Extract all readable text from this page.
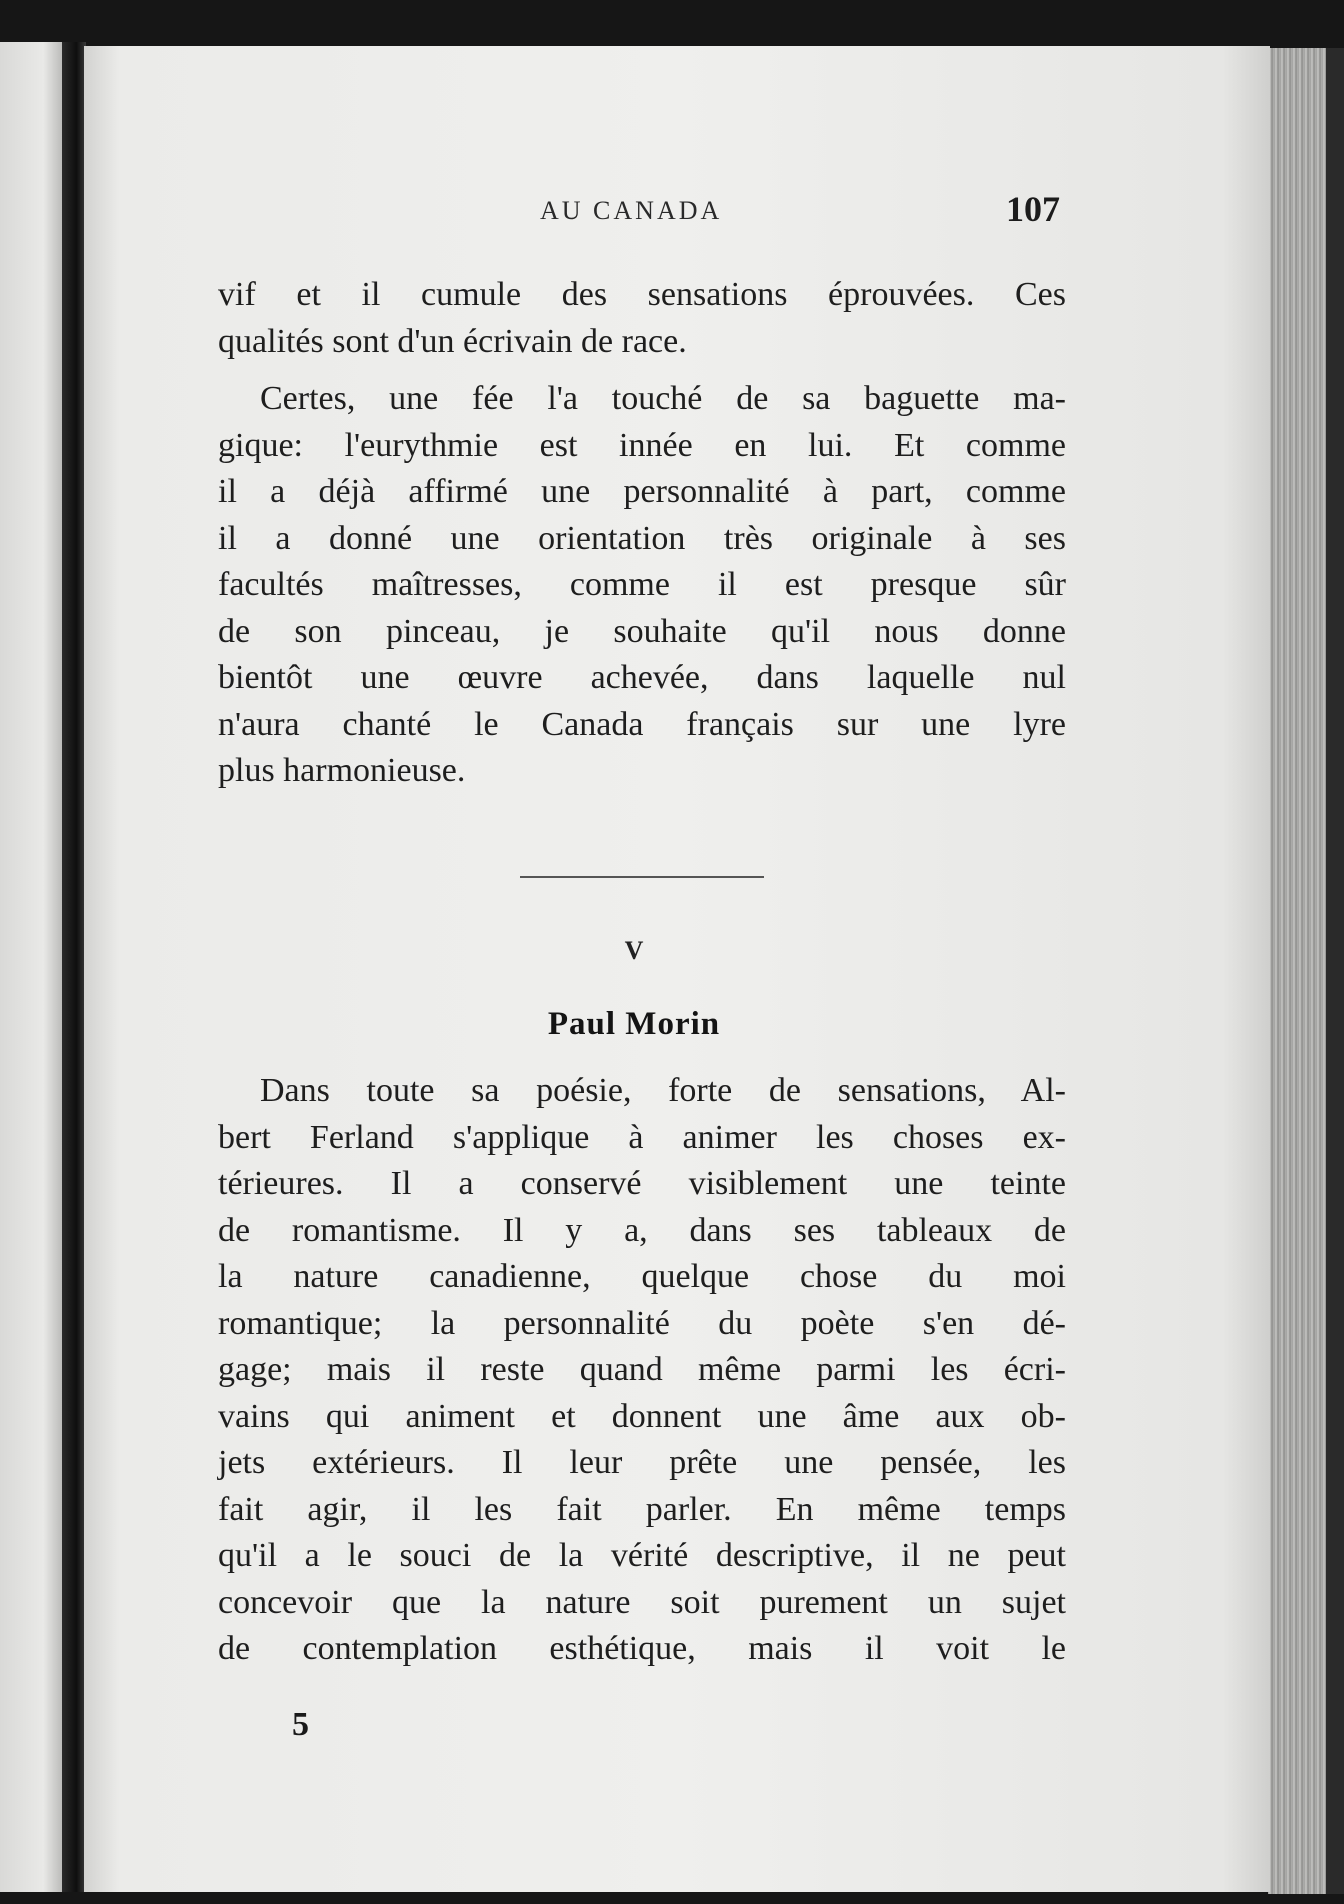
AU CANADA	107
vif et il cumule des sensations éprouvées. Ces
qualités sont d'un écrivain de race.
Certes, une fée l'a touché de sa baguette ma-
gique: l'eurythmie est innée en lui. Et comme
il a déjà affirmé une personnalité à part, comme
il a donné une orientation très originale à ses
facultés maîtresses, comme il est presque sûr
de son pinceau, je souhaite qu'il nous donne
bientôt une œuvre achevée, dans laquelle nul
n'aura chanté le Canada français sur une lyre
plus harmonieuse.
V
Paul Morin
Dans toute sa poésie, forte de sensations, Al-
bert Ferland s'applique à animer les choses ex-
térieures. Il a conservé visiblement une teinte
de romantisme. Il y a, dans ses tableaux de
la nature canadienne, quelque chose du moi
romantique; la personnalité du poète s'en dé-
gage; mais il reste quand même parmi les écri-
vains qui animent et donnent une âme aux ob-
jets extérieurs. Il leur prête une pensée, les
fait agir, il les fait parler. En même temps
qu'il a le souci de la vérité descriptive, il ne peut
concevoir que la nature soit purement un sujet
de contemplation esthétique, mais il voit le
5
